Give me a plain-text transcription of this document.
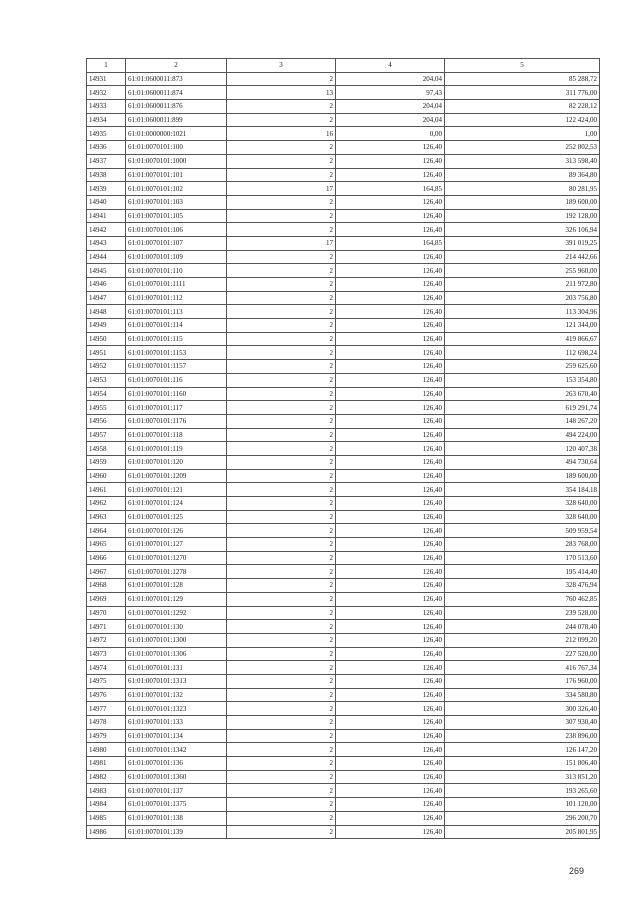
1	2	3	4	5
14931	61:01:0600011:873	2	204,04	85 288,72
14932	61:01:0600011:874	13	97,43	311 776,00
14933	61:01:0600011:876	2	204,04	82 228,12
14934	61:01:0600011:899	2	204,04	122 424,00
14935	61:01:0000000:1021	16	0,00	1,00
14936	61:01:0070101:100	2	126,40	252 802,53
14937	61:01:0070101:1000	2	126,40	313 598,40
14938	61:01:0070101:101	2	126,40	89 364,80
14939	61:01:0070101:102	17	164,85	80 281,95
14940	61:01:0070101:103	2	126,40	189 600,00
14941	61:01:0070101:105	2	126,40	192 128,00
14942	61:01:0070101:106	2	126,40	326 106,94
14943	61:01:0070101:107	17	164,85	391 019,25
14944	61:01:0070101:109	2	126,40	214 442,66
14945	61:01:0070101:110	2	126,40	255 960,00
14946	61:01:0070101:1111	2	126,40	211 972,80
14947	61:01:0070101:112	2	126,40	203 756,80
14948	61:01:0070101:113	2	126,40	113 304,96
14949	61:01:0070101:114	2	126,40	121 344,00
14950	61:01:0070101:115	2	126,40	419 866,67
14951	61:01:0070101:1153	2	126,40	112 698,24
14952	61:01:0070101:1157	2	126,40	259 625,60
14953	61:01:0070101:116	2	126,40	153 354,80
14954	61:01:0070101:1160	2	126,40	263 670,40
14955	61:01:0070101:117	2	126,40	619 291,74
14956	61:01:0070101:1176	2	126,40	148 267,20
14957	61:01:0070101:118	2	126,40	494 224,00
14958	61:01:0070101:119	2	126,40	120 407,38
14959	61:01:0070101:120	2	126,40	494 730,64
14960	61:01:0070101:1209	2	126,40	189 600,00
14961	61:01:0070101:121	2	126,40	354 184,18
14962	61:01:0070101:124	2	126,40	328 640,00
14963	61:01:0070101:125	2	126,40	328 640,00
14964	61:01:0070101:126	2	126,40	509 959,54
14965	61:01:0070101:127	2	126,40	283 768,00
14966	61:01:0070101:1270	2	126,40	170 513,60
14967	61:01:0070101:1278	2	126,40	195 414,40
14968	61:01:0070101:128	2	126,40	328 476,94
14969	61:01:0070101:129	2	126,40	760 462,85
14970	61:01:0070101:1292	2	126,40	239 528,00
14971	61:01:0070101:130	2	126,40	244 078,40
14972	61:01:0070101:1300	2	126,40	212 099,20
14973	61:01:0070101:1306	2	126,40	227 520,00
14974	61:01:0070101:131	2	126,40	416 767,34
14975	61:01:0070101:1313	2	126,40	176 960,00
14976	61:01:0070101:132	2	126,40	334 580,80
14977	61:01:0070101:1323	2	126,40	300 326,40
14978	61:01:0070101:133	2	126,40	307 930,40
14979	61:01:0070101:134	2	126,40	238 896,00
14980	61:01:0070101:1342	2	126,40	126 147,20
14981	61:01:0070101:136	2	126,40	151 806,40
14982	61:01:0070101:1360	2	126,40	313 851,20
14983	61:01:0070101:137	2	126,40	193 265,60
14984	61:01:0070101:1375	2	126,40	101 120,00
14985	61:01:0070101:138	2	126,40	296 200,70
14986	61:01:0070101:139	2	126,40	205 801,95
269
